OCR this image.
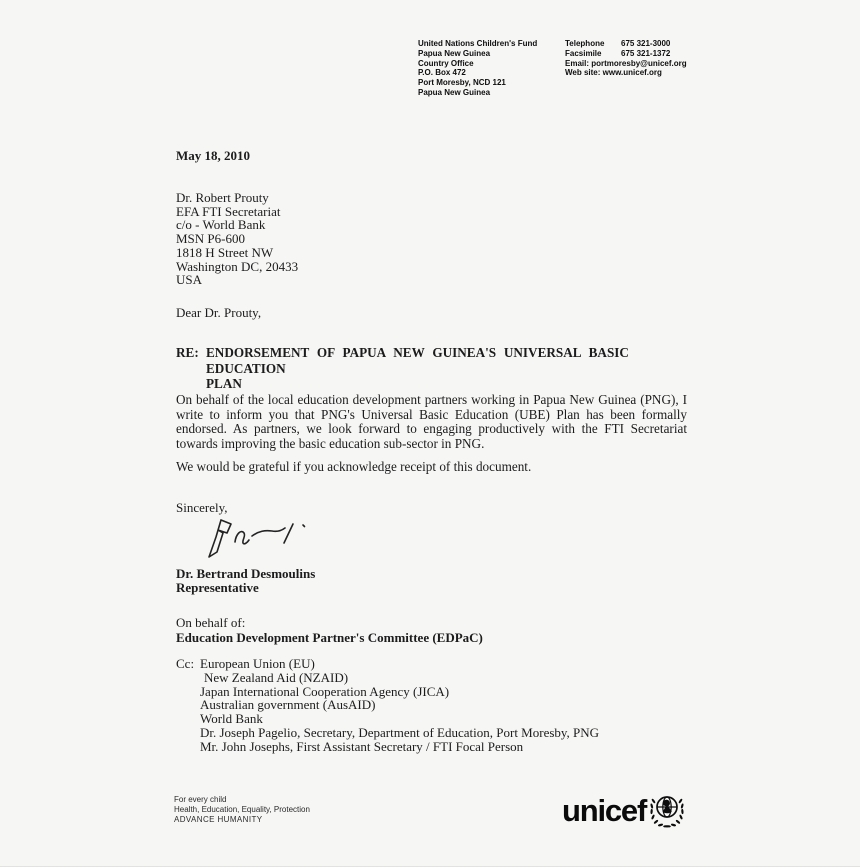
United Nations Children's Fund
Papua New Guinea
Country Office
P.O. Box 472
Port Moresby, NCD 121
Papua New Guinea
Telephone 675 321-3000
Facsimile 675 321-1372
Email: portmoresby@unicef.org
Web site: www.unicef.org
May 18, 2010
Dr. Robert Prouty
EFA FTI Secretariat
c/o - World Bank
MSN P6-600
1818 H Street NW
Washington DC, 20433
USA
Dear Dr. Prouty,
RE: ENDORSEMENT OF PAPUA NEW GUINEA'S UNIVERSAL BASIC EDUCATION
PLAN
On behalf of the local education development partners working in Papua New Guinea (PNG), I write to inform you that PNG's Universal Basic Education (UBE) Plan has been formally endorsed. As partners, we look forward to engaging productively with the FTI Secretariat towards improving the basic education sub-sector in PNG.
We would be grateful if you acknowledge receipt of this document.
Sincerely,
Dr. Bertrand Desmoulins
Representative
On behalf of:
Education Development Partner's Committee (EDPaC)
Cc: European Union (EU)
New Zealand Aid (NZAID)
Japan International Cooperation Agency (JICA)
Australian government (AusAID)
World Bank
Dr. Joseph Pagelio, Secretary, Department of Education, Port Moresby, PNG
Mr. John Josephs, First Assistant Secretary / FTI Focal Person
For every child
Health, Education, Equality, Protection
ADVANCE HUMANITY	unicef
